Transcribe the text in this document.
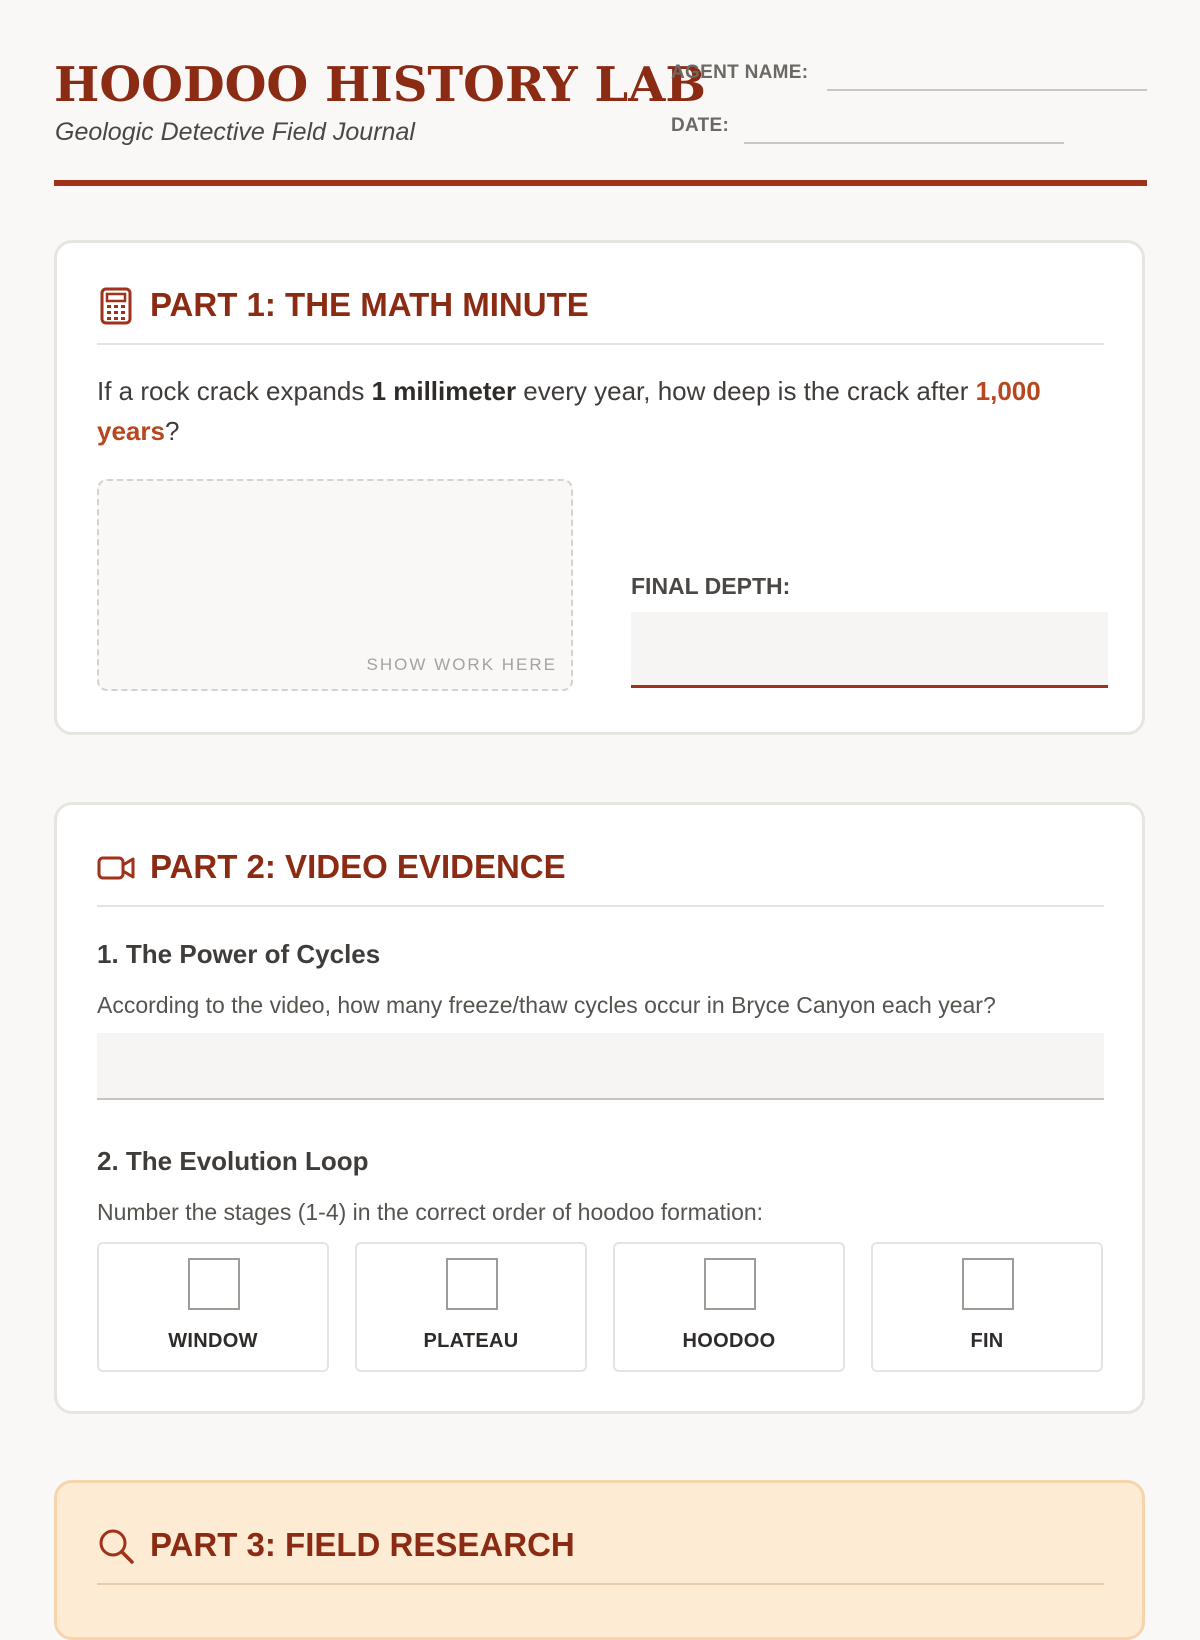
HOODOO HISTORY LAB
Geologic Detective Field Journal
AGENT NAME:
DATE:
PART 1: THE MATH MINUTE
If a rock crack expands 1 millimeter every year, how deep is the crack after 1,000 years?
SHOW WORK HERE
FINAL DEPTH:
PART 2: VIDEO EVIDENCE
1. The Power of Cycles
According to the video, how many freeze/thaw cycles occur in Bryce Canyon each year?
2. The Evolution Loop
Number the stages (1-4) in the correct order of hoodoo formation:
WINDOW	PLATEAU	HOODOO	FIN
PART 3: FIELD RESEARCH
